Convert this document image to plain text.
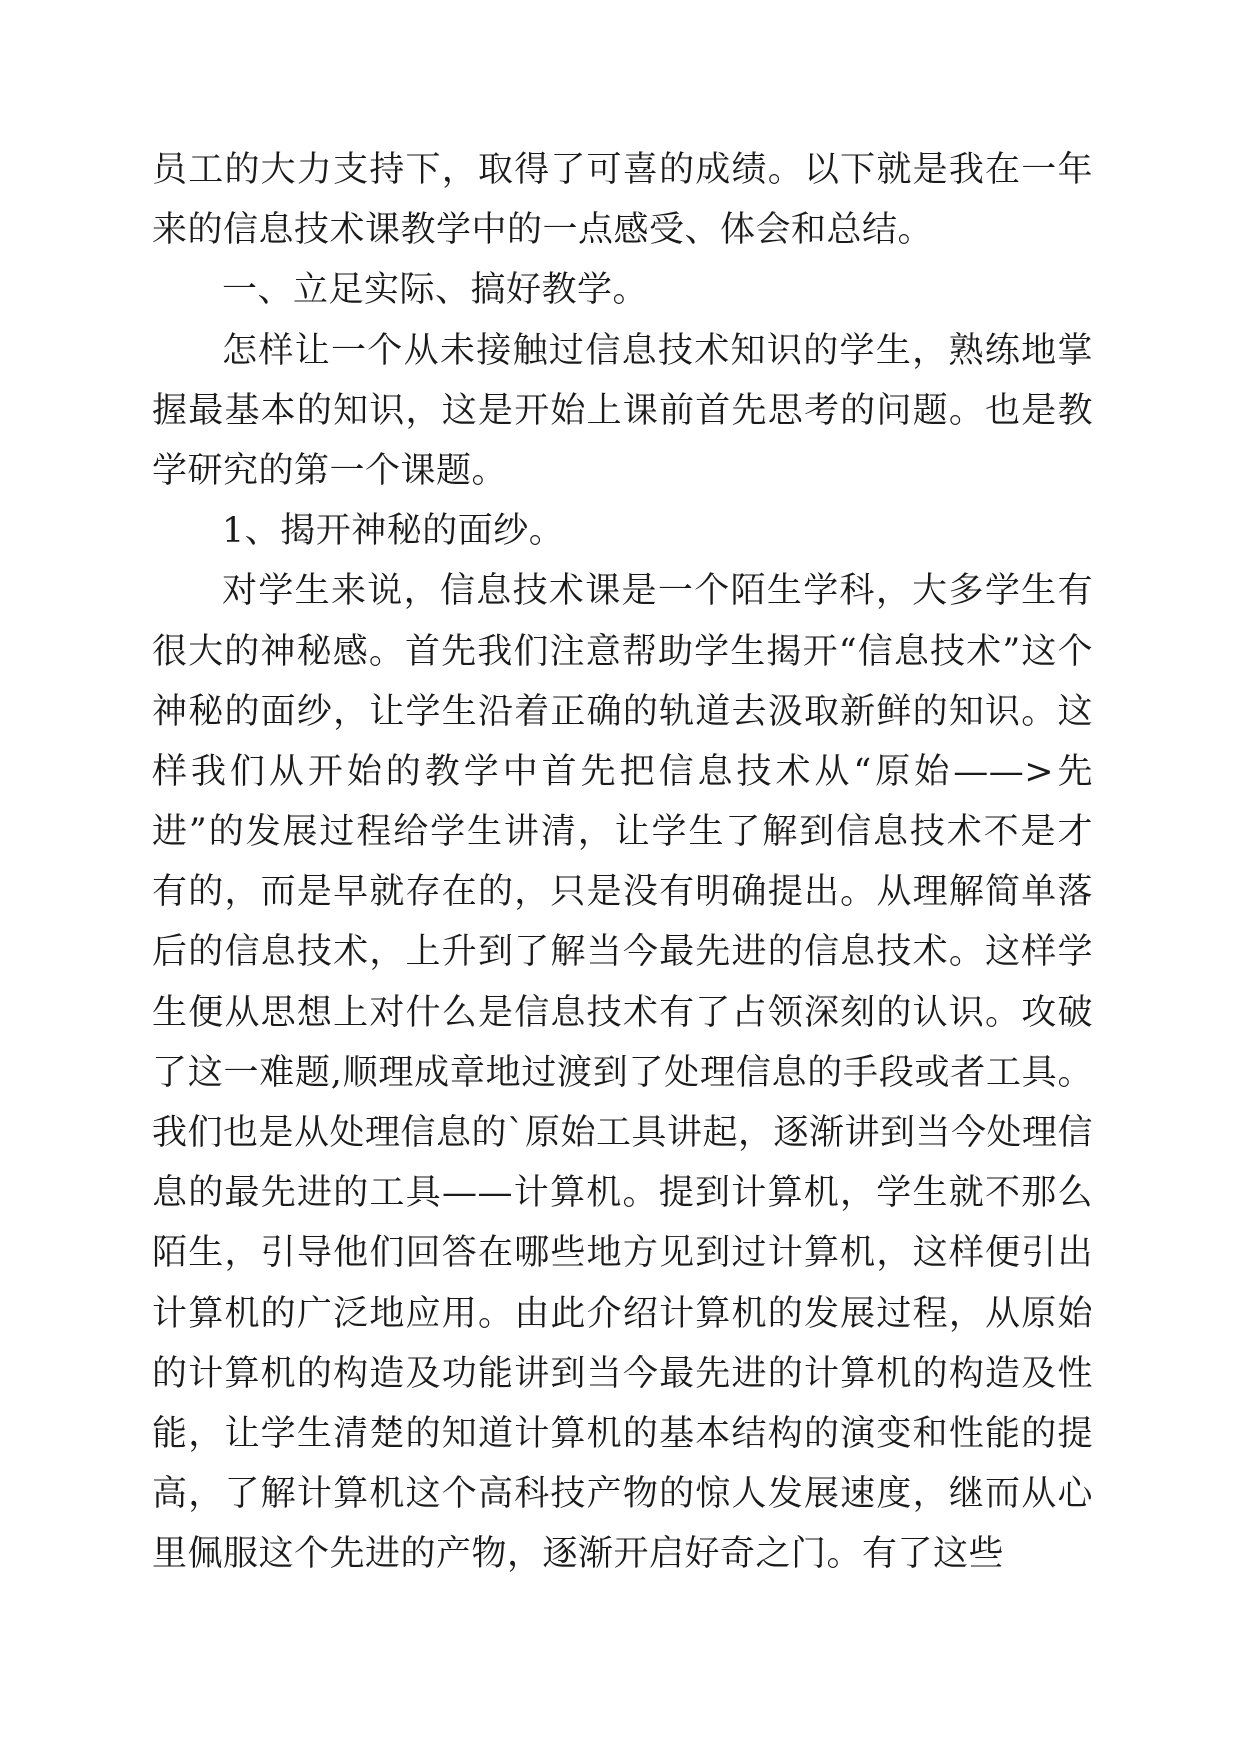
员工的大力支持下，取得了可喜的成绩。以下就是我在一年来的信息技术课教学中的一点感受、体会和总结。

一、立足实际、搞好教学。

怎样让一个从未接触过信息技术知识的学生，熟练地掌握最基本的知识，这是开始上课前首先思考的问题。也是教学研究的第一个课题。

1、揭开神秘的面纱。

对学生来说，信息技术课是一个陌生学科，大多学生有很大的神秘感。首先我们注意帮助学生揭开“信息技术”这个神秘的面纱，让学生沿着正确的轨道去汲取新鲜的知识。这样我们从开始的教学中首先把信息技术从“原始——>先进”的发展过程给学生讲清，让学生了解到信息技术不是才有的，而是早就存在的，只是没有明确提出。从理解简单落后的信息技术，上升到了解当今最先进的信息技术。这样学生便从思想上对什么是信息技术有了占领深刻的认识。攻破了这一难题,顺理成章地过渡到了处理信息的手段或者工具。我们也是从处理信息的`原始工具讲起，逐渐讲到当今处理信息的最先进的工具——计算机。提到计算机，学生就不那么陌生，引导他们回答在哪些地方见到过计算机，这样便引出计算机的广泛地应用。由此介绍计算机的发展过程，从原始的计算机的构造及功能讲到当今最先进的计算机的构造及性能，让学生清楚的知道计算机的基本结构的演变和性能的提高，了解计算机这个高科技产物的惊人发展速度，继而从心里佩服这个先进的产物，逐渐开启好奇之门。有了这些
